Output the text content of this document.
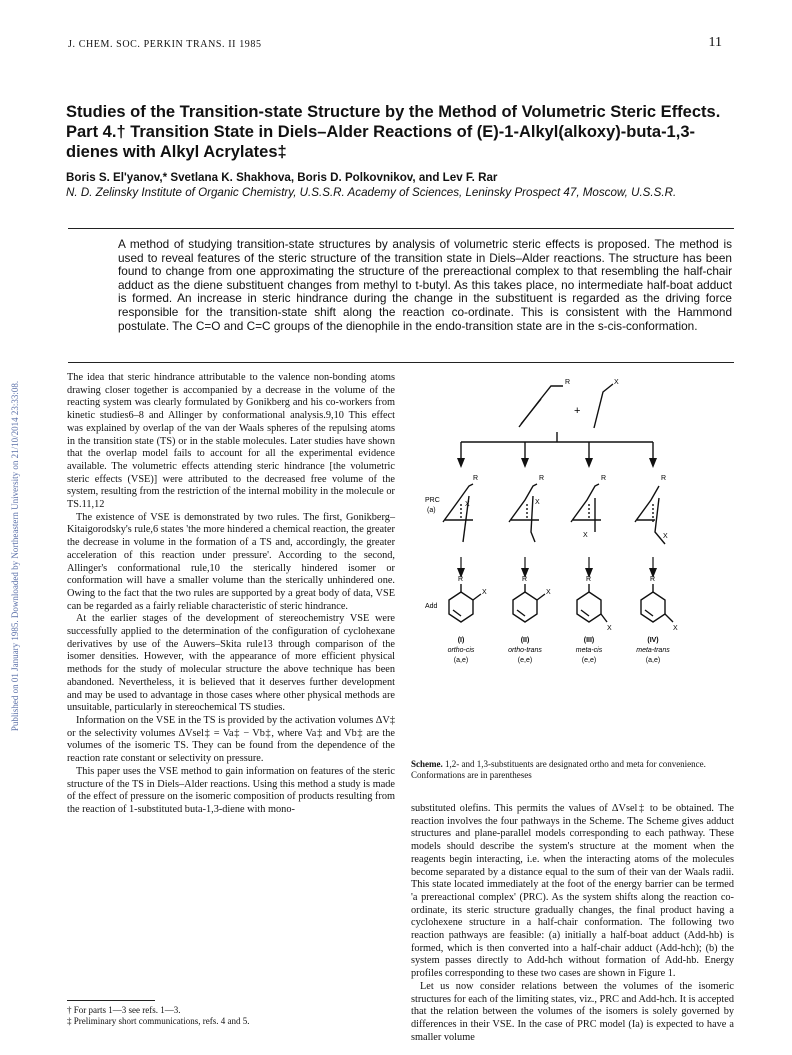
Published on 01 January 1985. Downloaded by Northeastern University on 21/10/2014 23:33:08.
J. CHEM. SOC. PERKIN TRANS. II 1985	11
Studies of the Transition-state Structure by the Method of Volumetric Steric Effects. Part 4.† Transition State in Diels–Alder Reactions of (E)-1-Alkyl(alkoxy)-buta-1,3-dienes with Alkyl Acrylates‡
Boris S. El'yanov,* Svetlana K. Shakhova, Boris D. Polkovnikov, and Lev F. Rar
N. D. Zelinsky Institute of Organic Chemistry, U.S.S.R. Academy of Sciences, Leninsky Prospect 47, Moscow, U.S.S.R.
A method of studying transition-state structures by analysis of volumetric steric effects is proposed. The method is used to reveal features of the steric structure of the transition state in Diels–Alder reactions. The structure has been found to change from one approximating the structure of the prereactional complex to that resembling the half-chair adduct as the diene substituent changes from methyl to t-butyl. As this takes place, no intermediate half-boat adduct is formed. An increase in steric hindrance during the change in the substituent is regarded as the driving force responsible for the transition-state shift along the reaction co-ordinate. This is consistent with the Hammond postulate. The C=O and C=C groups of the dienophile in the endo-transition state are in the s-cis-conformation.

The idea that steric hindrance attributable to the valence non-bonding atoms drawing closer together is accompanied by a decrease in the volume of the reacting system was clearly formulated by Gonikberg and his co-workers from kinetic studies6–8 and Allinger by conformational analysis.9,10 This effect was explained by overlap of the van der Waals spheres of the repulsing atoms in the transition state (TS) or in the stable molecules. Later studies have shown that the overlap model fails to account for all the experimental evidence available. The volumetric effects attending steric hindrance [the volumetric steric effects (VSE)] were attributed to the decreased free volume of the system, resulting from the restriction of the internal mobility in the molecule or TS.11,12

The existence of VSE is demonstrated by two rules. The first, Gonikberg–Kitaigorodsky's rule,6 states 'the more hindered a chemical reaction, the greater the decrease in volume in the formation of a TS and, accordingly, the greater acceleration of this reaction under pressure'. According to the second, Allinger's conformational rule,10 the sterically hindered isomer or conformation will have a smaller volume than the sterically unhindered one. Owing to the fact that the two rules are supported by a great body of data, VSE can be regarded as a fairly reliable characteristic of steric hindrance.

At the earlier stages of the development of stereochemistry VSE were successfully applied to the determination of the configuration of cyclohexane derivatives by use of the Auwers–Skita rule13 through comparison of the isomer densities. However, with the appearance of more efficient physical methods for the study of molecular structure the above technique has been abandoned. Nevertheless, it is believed that it deserves further development and may be used to advantage in those cases where other physical methods are unsuitable, particularly in stereochemical TS studies.

Information on the VSE in the TS is provided by the activation volumes ΔV‡ or the selectivity volumes ΔVsel‡ = Va‡ − Vb‡, where Va‡ and Vb‡ are the volumes of the isomeric TS. They can be found from the dependence of the reaction rate constant or selectivity on pressure.

This paper uses the VSE method to gain information on features of the steric structure of the TS in Diels–Alder reactions. Using this method a study is made of the effect of pressure on the isomeric composition of products resulting from the reaction of 1-substituted buta-1,3-diene with mono-

† For parts 1—3 see refs. 1—3.
‡ Preliminary short communications, refs. 4 and 5.
R	X
+
PRC
(a)
R	R	R	R
X	X
X	X
Add
R	R	R	R
X	X
X	X
(I)	(II)	(III)	(IV)
ortho-cis	ortho-trans	meta-cis	meta-trans
(a,e)	(e,e)	(e,e)	(a,e)
Scheme. 1,2- and 1,3-substituents are designated ortho and meta for convenience. Conformations are in parentheses

substituted olefins. This permits the values of ΔVsel‡ to be obtained. The reaction involves the four pathways in the Scheme. The Scheme gives adduct structures and plane-parallel models corresponding to each pathway. These models should describe the system's structure at the moment when the reagents begin interacting, i.e. when the interacting atoms of the molecules become separated by a distance equal to the sum of their van der Waals radii. This state located immediately at the foot of the energy barrier can be termed 'a prereactional complex' (PRC). As the system shifts along the reaction co-ordinate, its steric structure gradually changes, the final product having a cyclohexene structure in a half-chair conformation. The following two reaction pathways are feasible: (a) initially a half-boat adduct (Add-hb) is formed, which is then converted into a half-chair adduct (Add-hch); (b) the system passes directly to Add-hch without formation of Add-hb. Energy profiles corresponding to these two cases are shown in Figure 1.

Let us now consider relations between the volumes of the isomeric structures for each of the limiting states, viz., PRC and Add-hch. It is accepted that the relation between the volumes of the isomers is solely governed by differences in their VSE. In the case of PRC model (Ia) is expected to have a smaller volume
